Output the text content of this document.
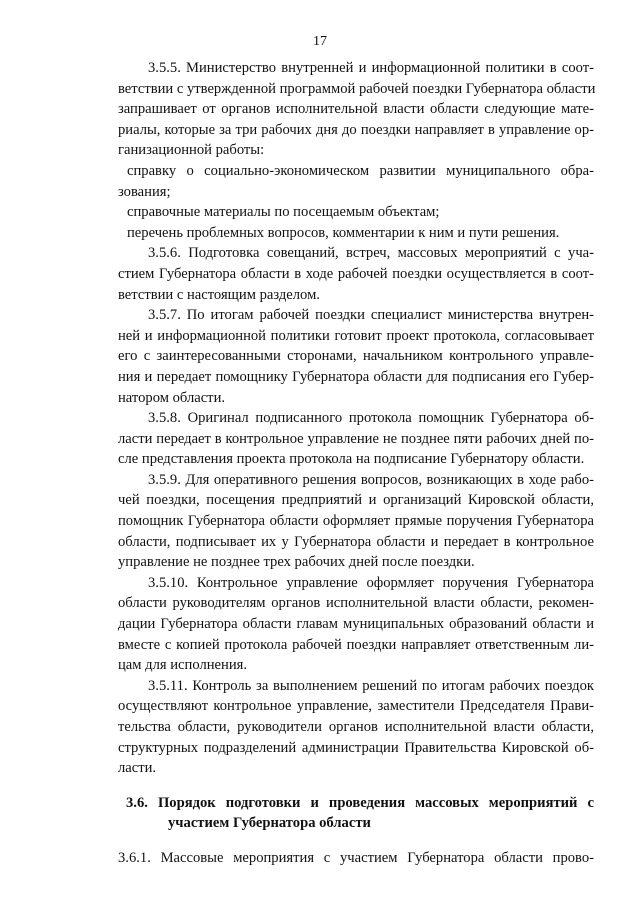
17
3.5.5. Министерство внутренней и информационной политики в соот-
ветствии с утвержденной программой рабочей поездки Губернатора области
запрашивает от органов исполнительной власти области следующие мате-
риалы, которые за три рабочих дня до поездки направляет в управление ор-
ганизационной работы:
справку о социально-экономическом развитии муниципального обра-
зования;
справочные материалы по посещаемым объектам;
перечень проблемных вопросов, комментарии к ним и пути решения.
3.5.6. Подготовка совещаний, встреч, массовых мероприятий с уча-
стием Губернатора области в ходе рабочей поездки осуществляется в соот-
ветствии с настоящим разделом.
3.5.7. По итогам рабочей поездки специалист министерства внутрен-
ней и информационной политики готовит проект протокола, согласовывает
его с заинтересованными сторонами, начальником контрольного управле-
ния и передает помощнику Губернатора области для подписания его Губер-
натором области.
3.5.8. Оригинал подписанного протокола помощник Губернатора об-
ласти передает в контрольное управление не позднее пяти рабочих дней по-
сле представления проекта протокола на подписание Губернатору области.
3.5.9. Для оперативного решения вопросов, возникающих в ходе рабо-
чей поездки, посещения предприятий и организаций Кировской области,
помощник Губернатора области оформляет прямые поручения Губернатора
области, подписывает их у Губернатора области и передает в контрольное
управление не позднее трех рабочих дней после поездки.
3.5.10. Контрольное управление оформляет поручения Губернатора
области руководителям органов исполнительной власти области, рекомен-
дации Губернатора области главам муниципальных образований области и
вместе с копией протокола рабочей поездки направляет ответственным ли-
цам для исполнения.
3.5.11. Контроль за выполнением решений по итогам рабочих поездок
осуществляют контрольное управление, заместители Председателя Прави-
тельства области, руководители органов исполнительной власти области,
структурных подразделений администрации Правительства Кировской об-
ласти.
3.6. Порядок подготовки и проведения массовых мероприятий с
участием Губернатора области
3.6.1. Массовые мероприятия с участием Губернатора области прово-
